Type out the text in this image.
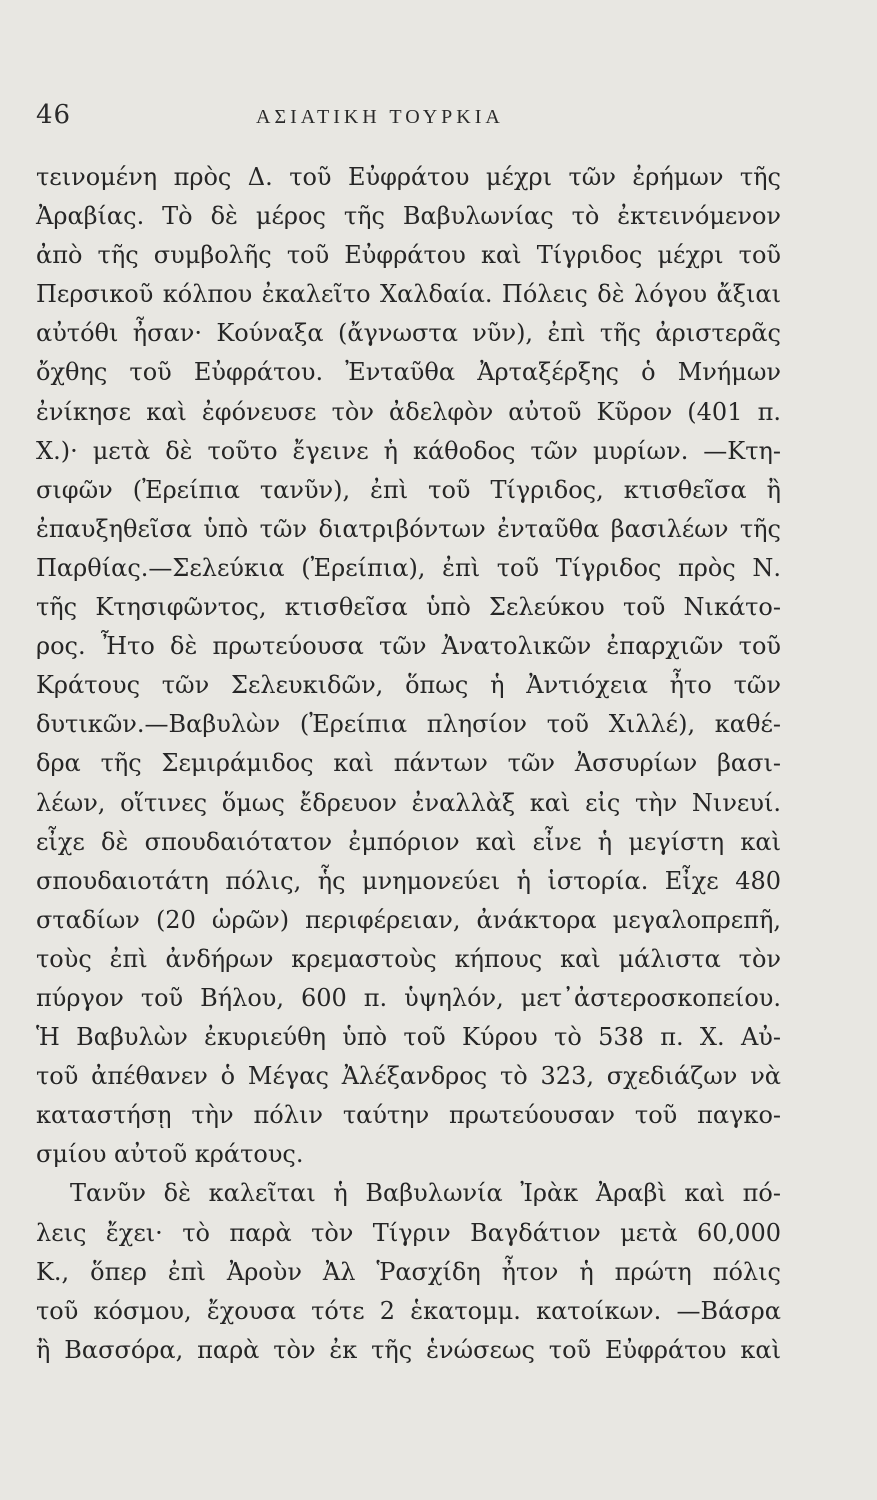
46	ΑΣΙΑΤΙΚΗ ΤΟΥΡΚΙΑ
τεινομένη πρὸς Δ. τοῦ Εὐφράτου μέχρι τῶν ἐρήμων τῆς
Ἀραβίας. Τὸ δὲ μέρος τῆς Βαβυλωνίας τὸ ἐκτεινόμενον
ἀπὸ τῆς συμβολῆς τοῦ Εὐφράτου καὶ Τίγριδος μέχρι τοῦ
Περσικοῦ κόλπου ἐκαλεῖτο Χαλδαία. Πόλεις δὲ λόγου ἄξιαι
αὐτόθι ἦσαν· Κούναξα (ἄγνωστα νῦν), ἐπὶ τῆς ἀριστερᾶς
ὄχθης τοῦ Εὐφράτου. Ἐνταῦθα Ἀρταξέρξης ὁ Μνήμων
ἐνίκησε καὶ ἐφόνευσε τὸν ἀδελφὸν αὐτοῦ Κῦρον (401 π.
Χ.)· μετὰ δὲ τοῦτο ἔγεινε ἡ κάθοδος τῶν μυρίων. —Κτη-
σιφῶν (Ἐρείπια τανῦν), ἐπὶ τοῦ Τίγριδος, κτισθεῖσα ἢ
ἐπαυξηθεῖσα ὑπὸ τῶν διατριβόντων ἐνταῦθα βασιλέων τῆς
Παρθίας.—Σελεύκια (Ἐρείπια), ἐπὶ τοῦ Τίγριδος πρὸς Ν.
τῆς Κτησιφῶντος, κτισθεῖσα ὑπὸ Σελεύκου τοῦ Νικάτο-
ρος. Ἦτο δὲ πρωτεύουσα τῶν Ἀνατολικῶν ἐπαρχιῶν τοῦ
Κράτους τῶν Σελευκιδῶν, ὅπως ἡ Ἀντιόχεια ἦτο τῶν
δυτικῶν.—Βαβυλὼν (Ἐρείπια πλησίον τοῦ Χιλλέ), καθέ-
δρα τῆς Σεμιράμιδος καὶ πάντων τῶν Ἀσσυρίων βασι-
λέων, οἵτινες ὅμως ἔδρευον ἐναλλὰξ καὶ εἰς τὴν Νινευί.
εἶχε δὲ σπουδαιότατον ἐμπόριον καὶ εἶνε ἡ μεγίστη καὶ
σπουδαιοτάτη πόλις, ἧς μνημονεύει ἡ ἱστορία. Εἶχε 480
σταδίων (20 ὡρῶν) περιφέρειαν, ἀνάκτορα μεγαλοπρεπῆ,
τοὺς ἐπὶ ἀνδήρων κρεμαστοὺς κήπους καὶ μάλιστα τὸν
πύργον τοῦ Βήλου, 600 π. ὑψηλόν, μετ᾿ἀστεροσκοπείου.
Ἡ Βαβυλὼν ἐκυριεύθη ὑπὸ τοῦ Κύρου τὸ 538 π. Χ. Αὐ-
τοῦ ἀπέθανεν ὁ Μέγας Ἀλέξανδρος τὸ 323, σχεδιάζων νὰ
καταστήσῃ τὴν πόλιν ταύτην πρωτεύουσαν τοῦ παγκο-
σμίου αὐτοῦ κράτους.
Τανῦν δὲ καλεῖται ἡ Βαβυλωνία Ἰρὰκ Ἀραβὶ καὶ πό-
λεις ἔχει· τὸ παρὰ τὸν Τίγριν Βαγδάτιον μετὰ 60,000
Κ., ὅπερ ἐπὶ Ἀροὺν Ἀλ Ῥασχίδη ἦτον ἡ πρώτη πόλις
τοῦ κόσμου, ἔχουσα τότε 2 ἑκατομμ. κατοίκων. —Βάσρα
ἢ Βασσόρα, παρὰ τὸν ἐκ τῆς ἑνώσεως τοῦ Εὐφράτου καὶ
